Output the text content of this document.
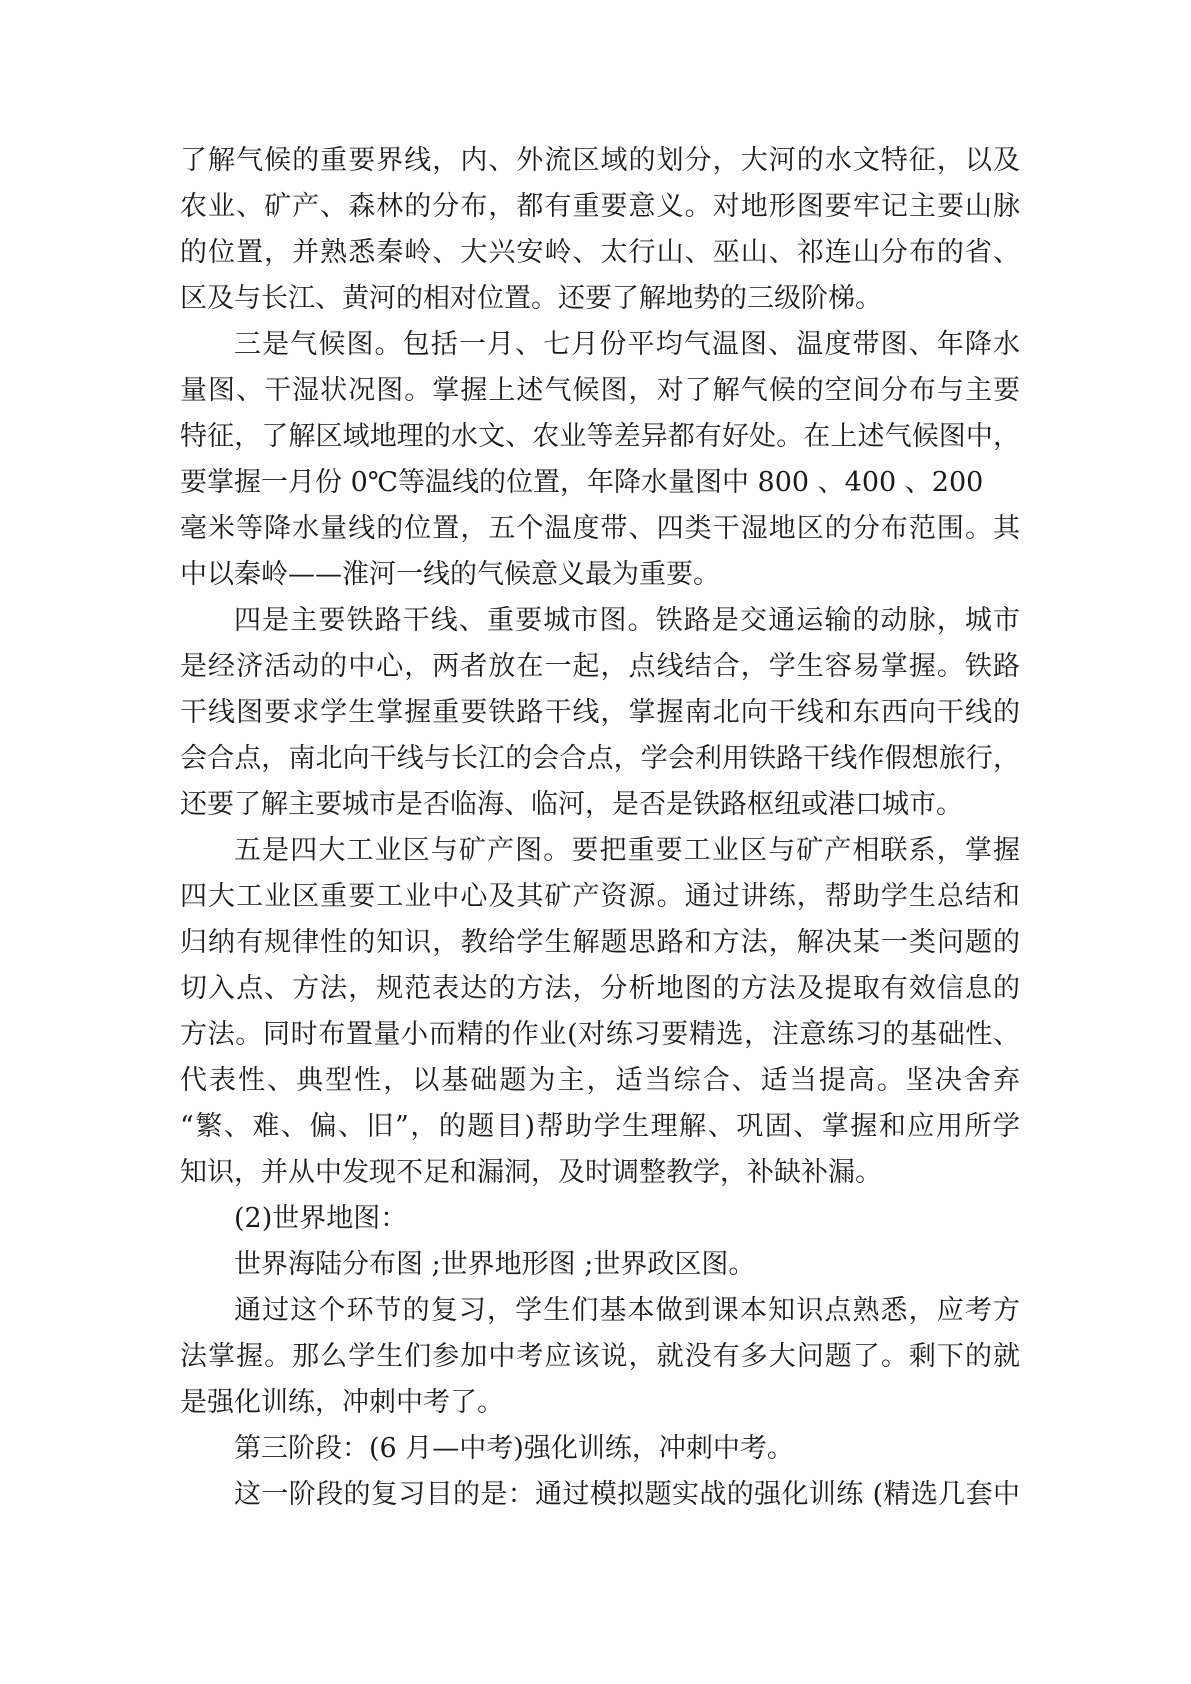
了解气候的重要界线，内、外流区域的划分，大河的水文特征，以及
农业、矿产、森林的分布，都有重要意义。对地形图要牢记主要山脉
的位置，并熟悉秦岭、大兴安岭、太行山、巫山、祁连山分布的省、
区及与长江、黄河的相对位置。还要了解地势的三级阶梯。
三是气候图。包括一月、七月份平均气温图、温度带图、年降水
量图、干湿状况图。掌握上述气候图，对了解气候的空间分布与主要
特征，了解区域地理的水文、农业等差异都有好处。在上述气候图中，
要掌握一月份 0℃等温线的位置，年降水量图中 800 、400 、200
毫米等降水量线的位置，五个温度带、四类干湿地区的分布范围。其
中以秦岭——淮河一线的气候意义最为重要。
四是主要铁路干线、重要城市图。铁路是交通运输的动脉，城市
是经济活动的中心，两者放在一起，点线结合，学生容易掌握。铁路
干线图要求学生掌握重要铁路干线，掌握南北向干线和东西向干线的
会合点，南北向干线与长江的会合点，学会利用铁路干线作假想旅行，
还要了解主要城市是否临海、临河，是否是铁路枢纽或港口城市。
五是四大工业区与矿产图。要把重要工业区与矿产相联系，掌握
四大工业区重要工业中心及其矿产资源。通过讲练，帮助学生总结和
归纳有规律性的知识，教给学生解题思路和方法，解决某一类问题的
切入点、方法，规范表达的方法，分析地图的方法及提取有效信息的
方法。同时布置量小而精的作业(对练习要精选，注意练习的基础性、
代表性、典型性，以基础题为主，适当综合、适当提高。坚决舍弃
“繁、难、偏、旧”，的题目)帮助学生理解、巩固、掌握和应用所学
知识，并从中发现不足和漏洞，及时调整教学，补缺补漏。
(2)世界地图：
世界海陆分布图 ;世界地形图 ;世界政区图。
通过这个环节的复习，学生们基本做到课本知识点熟悉，应考方
法掌握。那么学生们参加中考应该说，就没有多大问题了。剩下的就
是强化训练，冲刺中考了。
第三阶段：(6 月—中考)强化训练，冲刺中考。
这一阶段的复习目的是：通过模拟题实战的强化训练 (精选几套中
